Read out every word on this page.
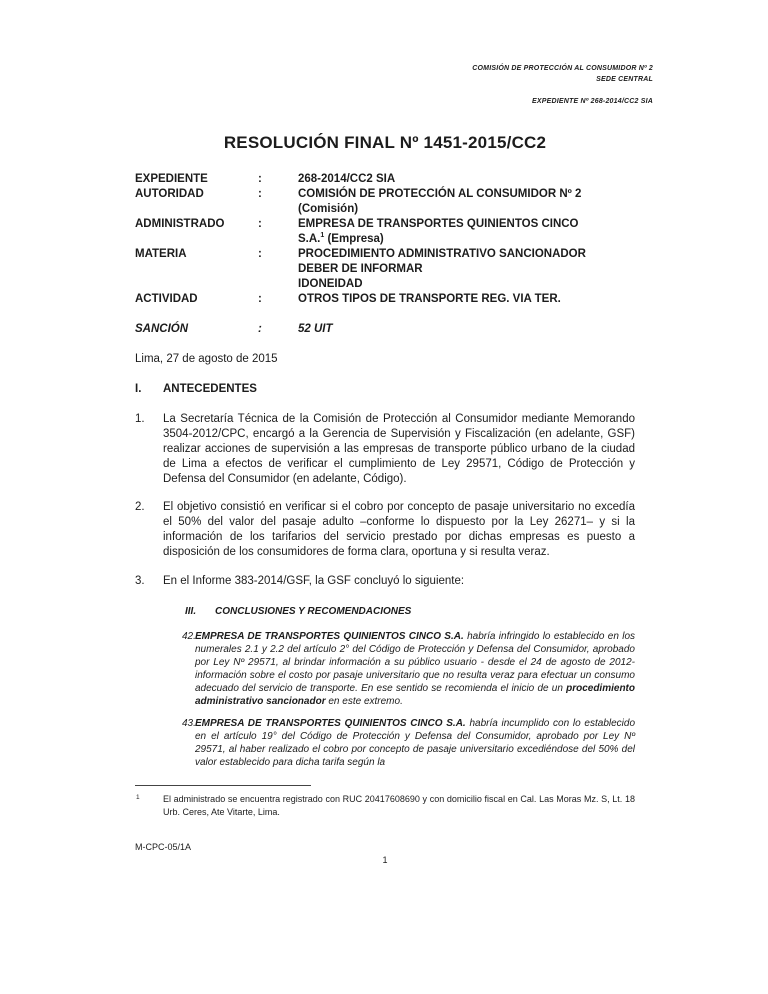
COMISIÓN DE PROTECCIÓN AL CONSUMIDOR Nº 2
SEDE CENTRAL
EXPEDIENTE Nº 268-2014/CC2 SIA
RESOLUCIÓN FINAL Nº 1451-2015/CC2
EXPEDIENTE	:	268-2014/CC2 SIA
AUTORIDAD	:	COMISIÓN DE PROTECCIÓN AL CONSUMIDOR Nº 2
(Comisión)
ADMINISTRADO	:	EMPRESA DE TRANSPORTES QUINIENTOS CINCO
S.A.$^1$ (Empresa)
MATERIA	:	PROCEDIMIENTO ADMINISTRATIVO SANCIONADOR
DEBER DE INFORMAR
IDONEIDAD
ACTIVIDAD	:	OTROS TIPOS DE TRANSPORTE REG. VIA TER.
SANCIÓN	:	52 UIT
Lima, 27 de agosto de 2015
I. ANTECEDENTES
1. La Secretaría Técnica de la Comisión de Protección al Consumidor mediante Memorando 3504-2012/CPC, encargó a la Gerencia de Supervisión y Fiscalización (en adelante, GSF) realizar acciones de supervisión a las empresas de transporte público urbano de la ciudad de Lima a efectos de verificar el cumplimiento de Ley 29571, Código de Protección y Defensa del Consumidor (en adelante, Código).
2. El objetivo consistió en verificar si el cobro por concepto de pasaje universitario no excedía el 50% del valor del pasaje adulto –conforme lo dispuesto por la Ley 26271– y si la información de los tarifarios del servicio prestado por dichas empresas es puesto a disposición de los consumidores de forma clara, oportuna y si resulta veraz.
3. En el Informe 383-2014/GSF, la GSF concluyó lo siguiente:
III. CONCLUSIONES Y RECOMENDACIONES
42. EMPRESA DE TRANSPORTES QUINIENTOS CINCO S.A. habría infringido lo establecido en los numerales 2.1 y 2.2 del artículo 2° del Código de Protección y Defensa del Consumidor, aprobado por Ley Nº 29571, al brindar información a su público usuario - desde el 24 de agosto de 2012- información sobre el costo por pasaje universitario que no resulta veraz para efectuar un consumo adecuado del servicio de transporte. En ese sentido se recomienda el inicio de un procedimiento administrativo sancionador en este extremo.
43. EMPRESA DE TRANSPORTES QUINIENTOS CINCO S.A. habría incumplido con lo establecido en el artículo 19° del Código de Protección y Defensa del Consumidor, aprobado por Ley Nº 29571, al haber realizado el cobro por concepto de pasaje universitario excediéndose del 50% del valor establecido para dicha tarifa según la
1	El administrado se encuentra registrado con RUC 20417608690 y con domicilio fiscal en Cal. Las Moras Mz. S, Lt. 18 Urb. Ceres, Ate Vitarte, Lima.
M-CPC-05/1A
1
